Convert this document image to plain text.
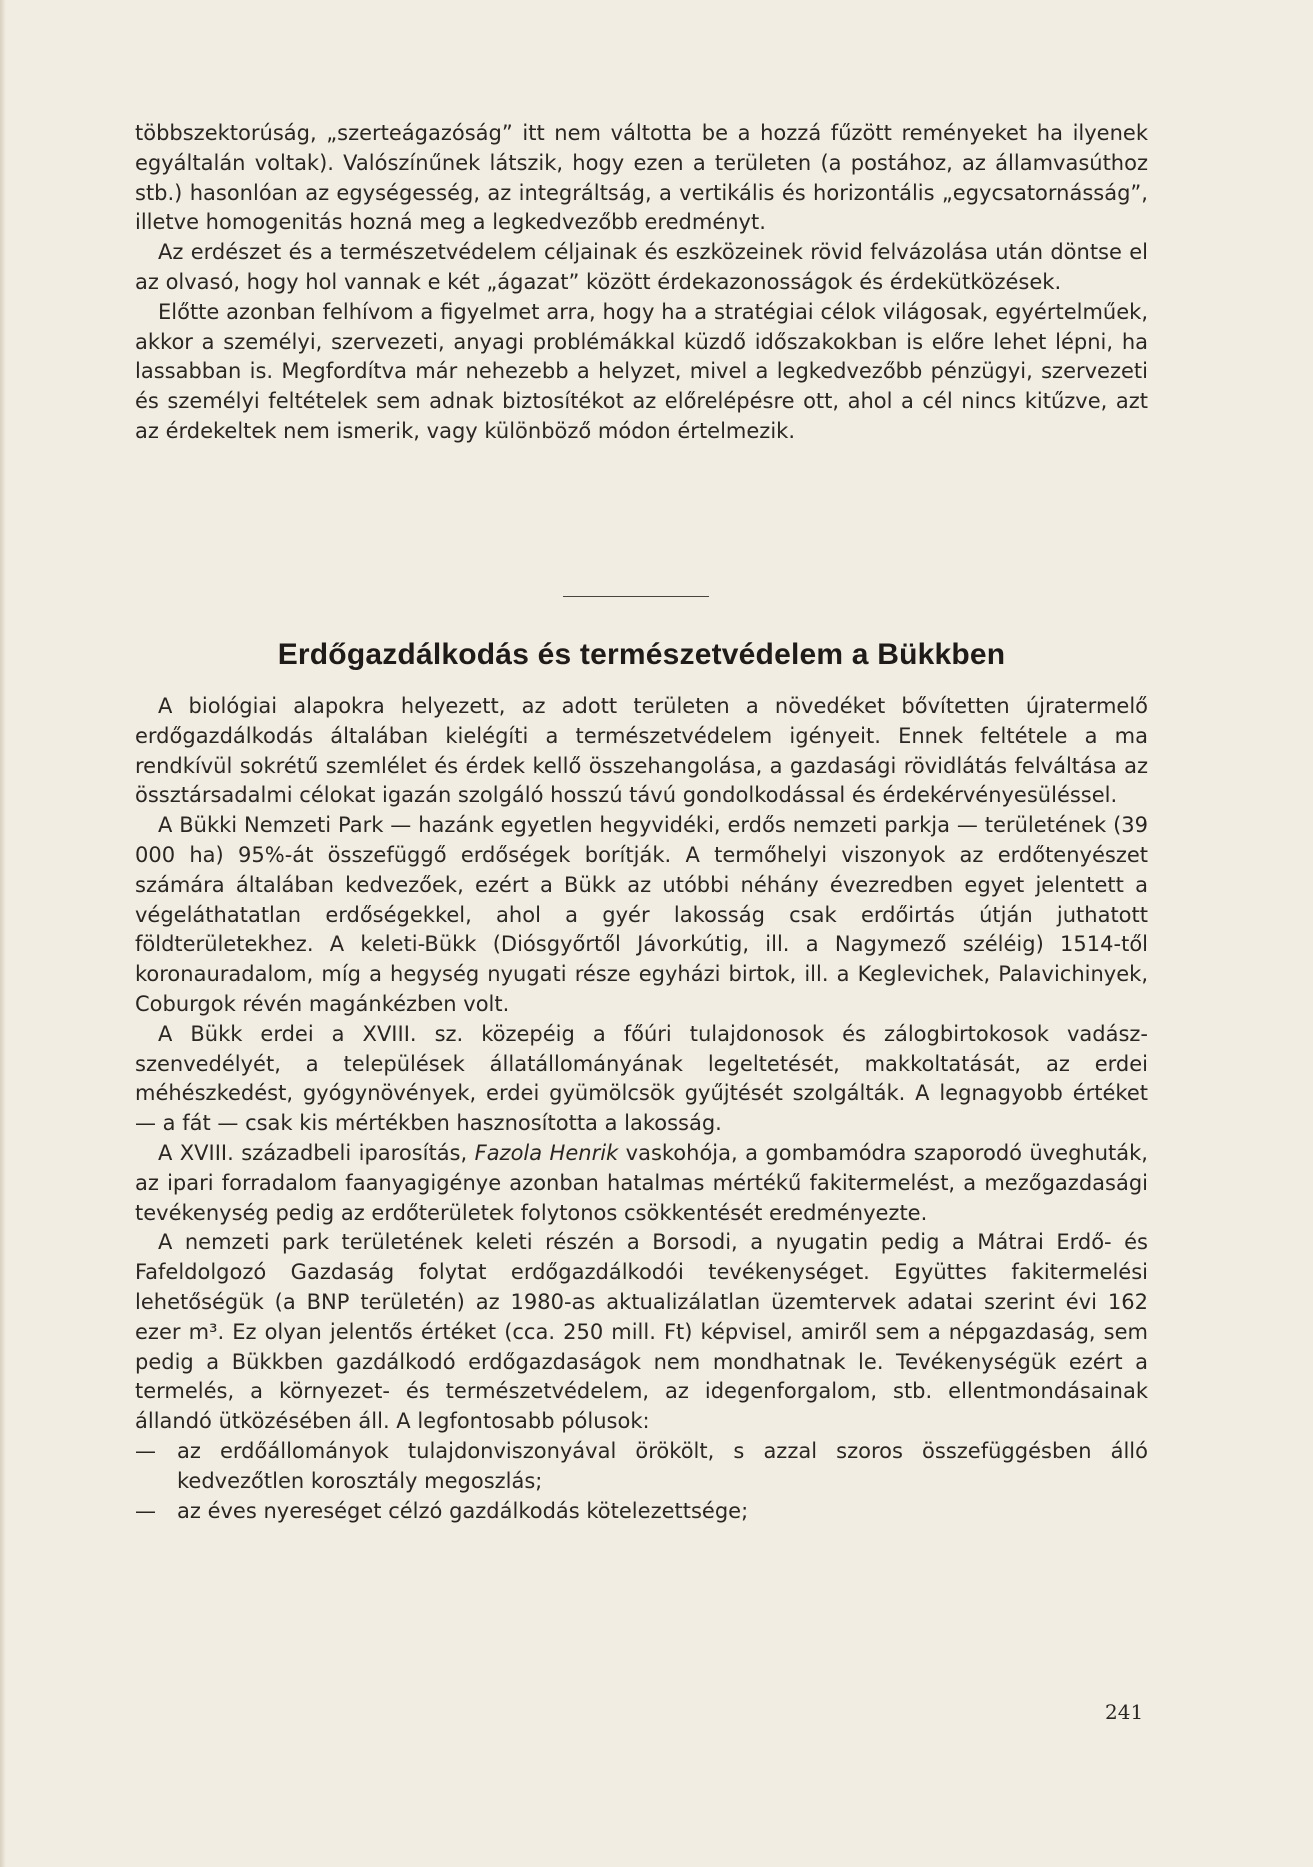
többszektorúság, „szerteágazóság” itt nem váltotta be a hozzá fűzött reményeket ha ilyenek egyáltalán voltak). Valószínűnek látszik, hogy ezen a területen (a postához, az államvasúthoz stb.) hasonlóan az egységesség, az integráltság, a vertikális és horizontális „egycsatornásság”, illetve homogenitás hozná meg a legkedvezőbb eredményt.

Az erdészet és a természetvédelem céljainak és eszközeinek rövid felvázolása után döntse el az olvasó, hogy hol vannak e két „ágazat” között érdekazonosságok és érdekütközések.

Előtte azonban felhívom a figyelmet arra, hogy ha a stratégiai célok világosak, egyértelműek, akkor a személyi, szervezeti, anyagi problémákkal küzdő időszakokban is előre lehet lépni, ha lassabban is. Megfordítva már nehezebb a helyzet, mivel a legkedvezőbb pénzügyi, szervezeti és személyi feltételek sem adnak biztosítékot az előrelépésre ott, ahol a cél nincs kitűzve, azt az érdekeltek nem ismerik, vagy különböző módon értelmezik.

Erdőgazdálkodás és természetvédelem a Bükkben

A biológiai alapokra helyezett, az adott területen a növedéket bővítetten újratermelő erdőgazdálkodás általában kielégíti a természetvédelem igényeit. Ennek feltétele a ma rendkívül sokrétű szemlélet és érdek kellő összehangolása, a gazdasági rövidlátás felváltása az össztársadalmi célokat igazán szolgáló hosszú távú gondolkodással és érdekérvényesüléssel.

A Bükki Nemzeti Park — hazánk egyetlen hegyvidéki, erdős nemzeti parkja — területének (39 000 ha) 95%-át összefüggő erdőségek borítják. A termőhelyi viszonyok az erdőtenyészet számára általában kedvezőek, ezért a Bükk az utóbbi néhány évezredben egyet jelentett a végeláthatatlan erdőségekkel, ahol a gyér lakosság csak erdőirtás útján juthatott földterületekhez. A keleti-Bükk (Diósgyőrtől Jávorkútig, ill. a Nagymező széléig) 1514-től koronauradalom, míg a hegység nyugati része egyházi birtok, ill. a Keglevichek, Palavichinyek, Coburgok révén magánkézben volt.

A Bükk erdei a XVIII. sz. közepéig a főúri tulajdonosok és zálogbirtokosok vadász-szenvedélyét, a települések állatállományának legeltetését, makkoltatását, az erdei méhészkedést, gyógynövények, erdei gyümölcsök gyűjtését szolgálták. A legnagyobb értéket — a fát — csak kis mértékben hasznosította a lakosság.

A XVIII. századbeli iparosítás, Fazola Henrik vaskohója, a gombamódra szaporodó üveghuták, az ipari forradalom faanyagigénye azonban hatalmas mértékű fakitermelést, a mezőgazdasági tevékenység pedig az erdőterületek folytonos csökkentését eredményezte.

A nemzeti park területének keleti részén a Borsodi, a nyugatin pedig a Mátrai Erdő- és Fafeldolgozó Gazdaság folytat erdőgazdálkodói tevékenységet. Együttes fakitermelési lehetőségük (a BNP területén) az 1980-as aktualizálatlan üzemtervek adatai szerint évi 162 ezer m³. Ez olyan jelentős értéket (cca. 250 mill. Ft) képvisel, amiről sem a népgazdaság, sem pedig a Bükkben gazdálkodó erdőgazdaságok nem mondhatnak le. Tevékenységük ezért a termelés, a környezet- és természetvédelem, az idegenforgalom, stb. ellentmondásainak állandó ütközésében áll. A legfontosabb pólusok:

—	az erdőállományok tulajdonviszonyával örökölt, s azzal szoros összefüggésben álló kedvezőtlen korosztály megoszlás;
—	az éves nyereséget célzó gazdálkodás kötelezettsége;
241
